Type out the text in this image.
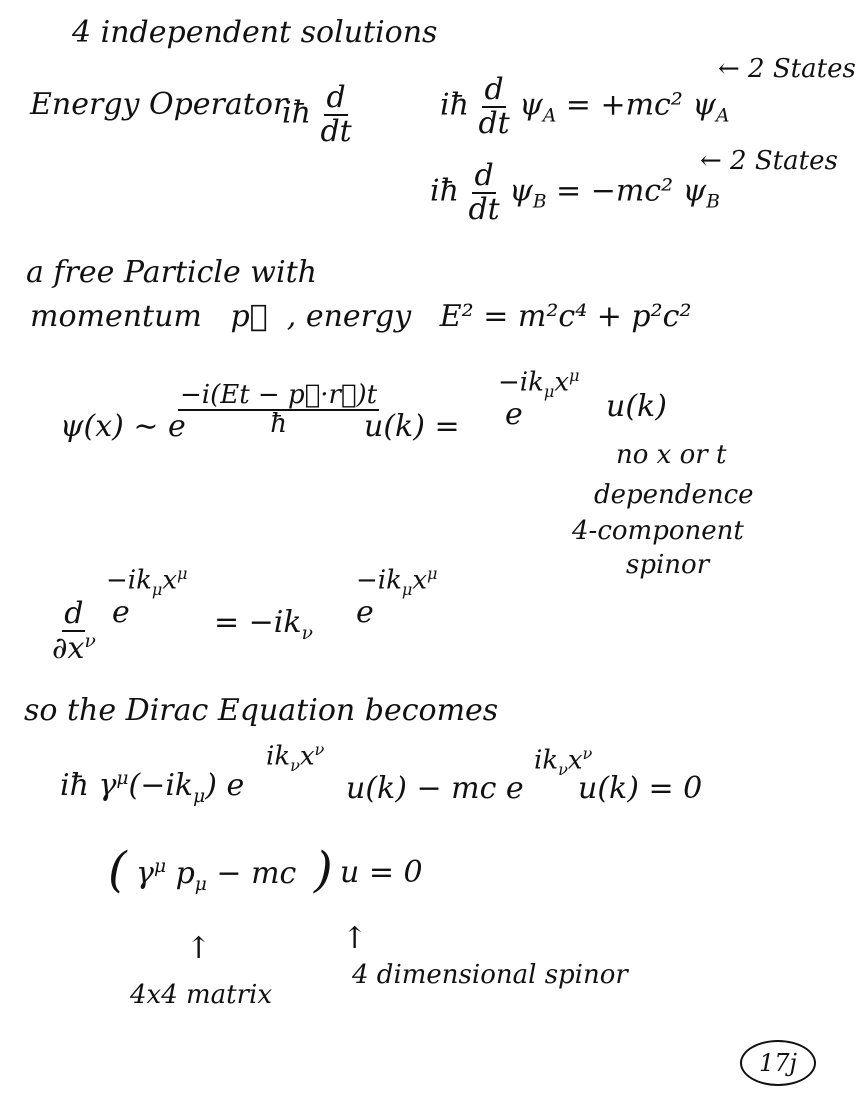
4 independent solutions
Energy Operator
iħ $\frac{d}{dt}$	iħ $\frac{d}{dt} \psi_A = +mc^2$ $\psi_A$
← 2 States
iħ $\frac{d}{dt} \psi_B = -mc^2$ $\psi_B$
← 2 States
a free Particle with
momentum p⃗ , energy E² = m²c⁴ + p²c²
ψ(x) ∼ e
$\frac{-i(Et - p⃗\cdot r⃗)t}{ħ}$
u(k) = e
$-ik_\mu x^\mu$
u(k)
no x or t
dependence
4-component
spinor
$\frac{d}{\partial x^\nu}$ e
$-ik_\mu x^\mu$
= $-ik_\nu$
e
$-ik_\mu x^\mu$
so the Dirac Equation becomes
iħ $\gamma^\mu(-ik_\mu)$ e
$ik_\nu x^\nu$
u(k) − mc e
$ik_\nu x^\nu$
u(k) = 0
( $\gamma^\mu$ $p_\mu$ − mc ) u = 0
↑	↑
4x4 matrix
4 dimensional spinor
17j
